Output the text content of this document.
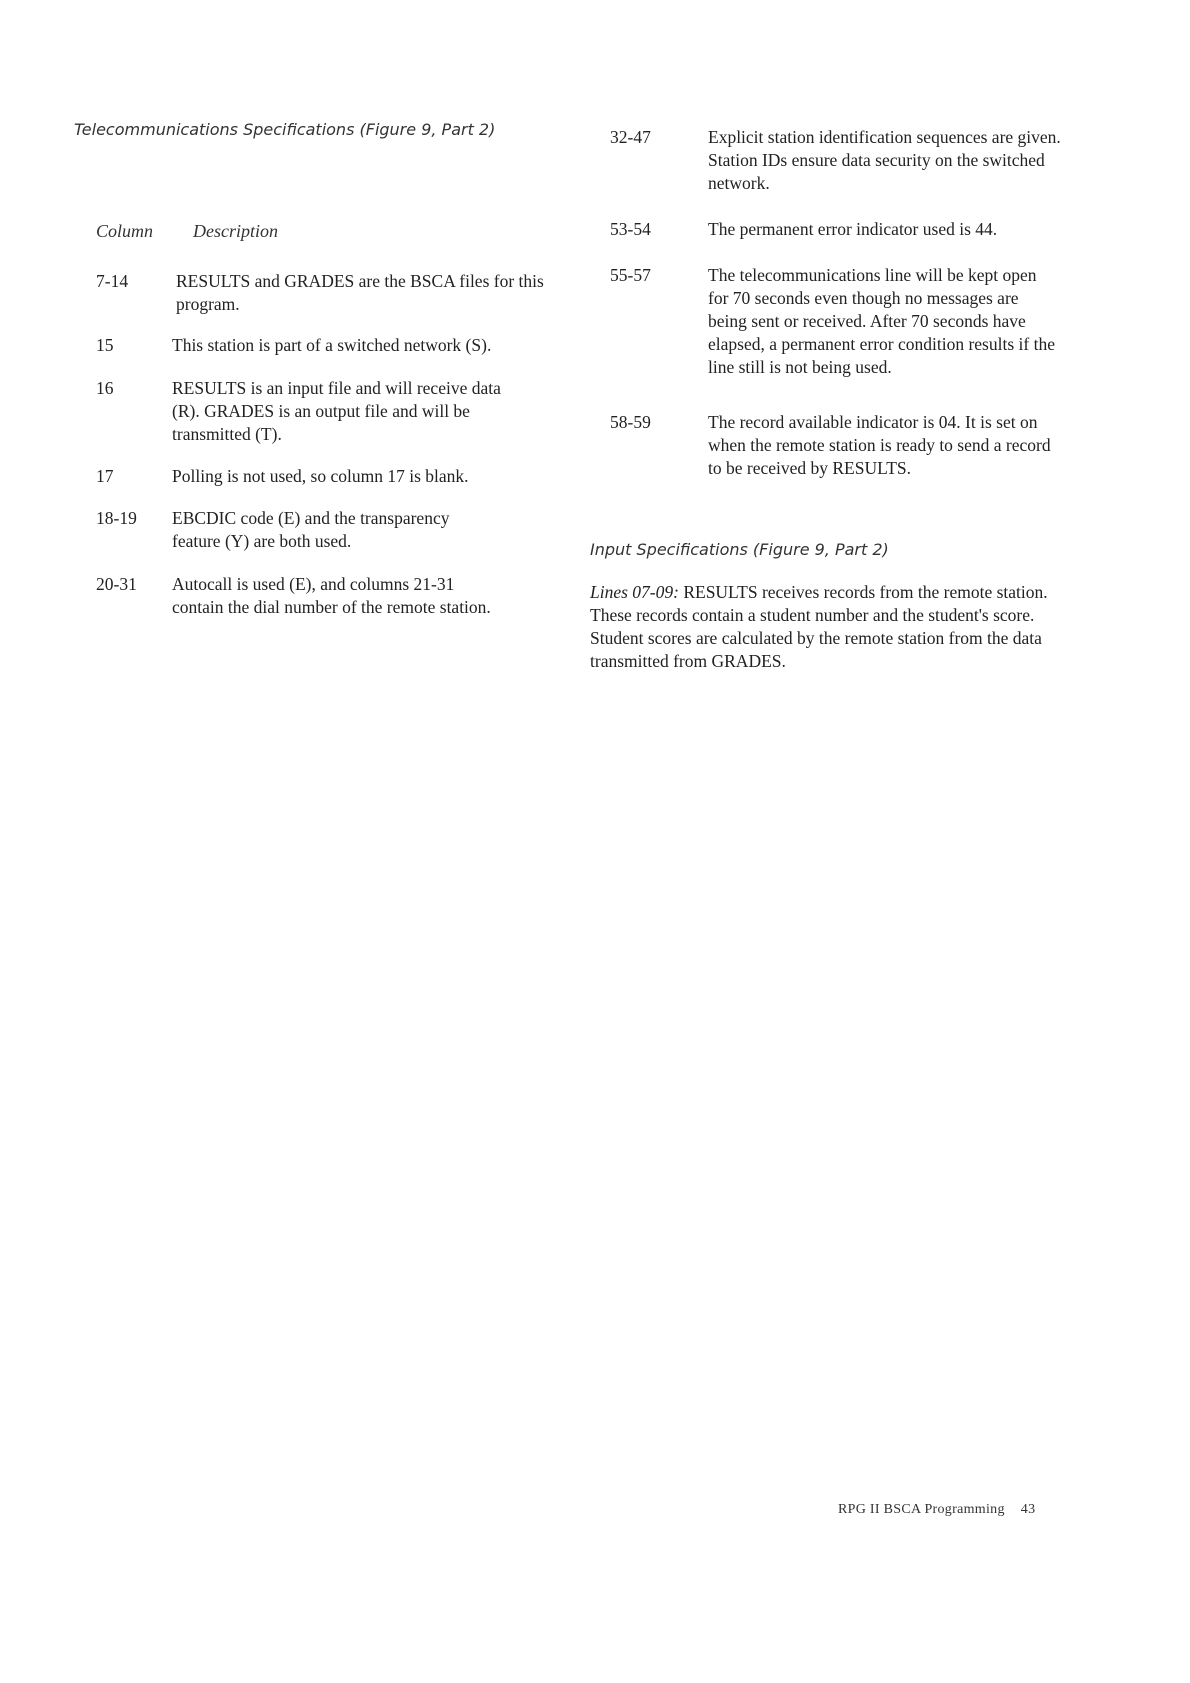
Telecommunications Specifications (Figure 9, Part 2)

Column	Description
7-14	RESULTS and GRADES are the BSCA files for this program.
15	This station is part of a switched network (S).
16	RESULTS is an input file and will receive data (R). GRADES is an output file and will be transmitted (T).
17	Polling is not used, so column 17 is blank.
18-19	EBCDIC code (E) and the transparency feature (Y) are both used.
20-31	Autocall is used (E), and columns 21-31 contain the dial number of the remote station.
32-47	Explicit station identification sequences are given. Station IDs ensure data security on the switched network.
53-54	The permanent error indicator used is 44.
55-57	The telecommunications line will be kept open for 70 seconds even though no messages are being sent or received. After 70 seconds have elapsed, a permanent error condition results if the line still is not being used.
58-59	The record available indicator is 04. It is set on when the remote station is ready to send a record to be received by RESULTS.

Input Specifications (Figure 9, Part 2)

Lines 07-09: RESULTS receives records from the remote station. These records contain a student number and the student's score. Student scores are calculated by the remote station from the data transmitted from GRADES.

RPG II BSCA Programming 43
